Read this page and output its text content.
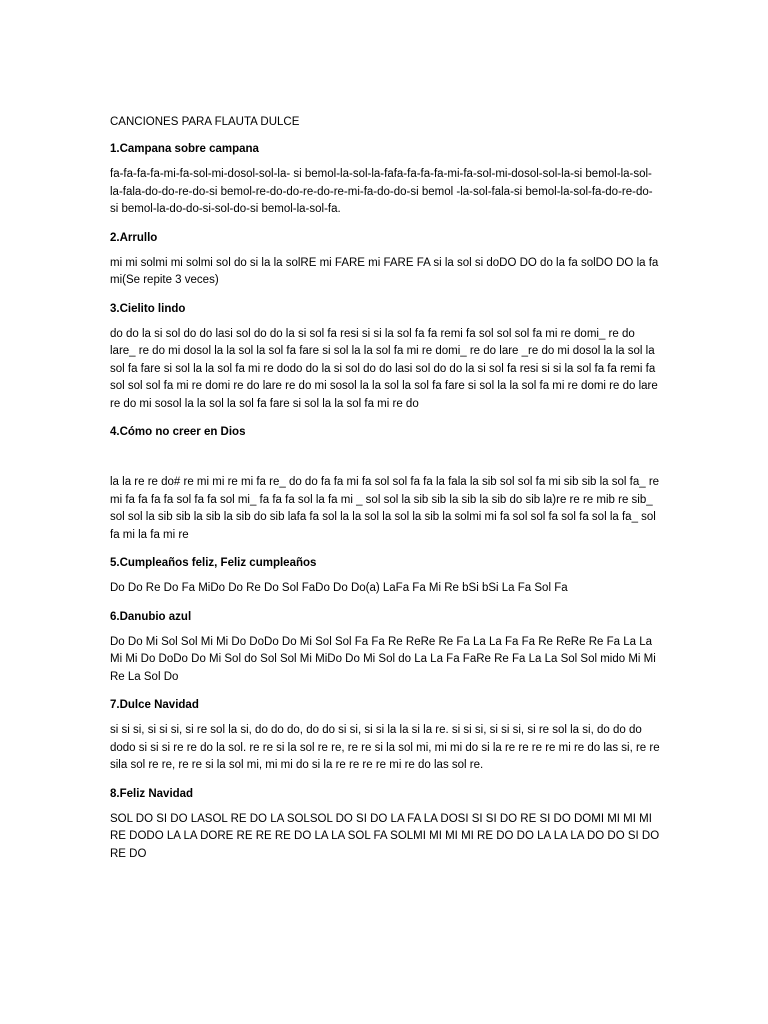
CANCIONES PARA FLAUTA DULCE
1.Campana sobre campana
fa-fa-fa-fa-mi-fa-sol-mi-dosol-sol-la- si bemol-la-sol-la-fafa-fa-fa-fa-mi-fa-sol-mi-dosol-sol-la-si bemol-la-sol-la-fala-do-do-re-do-si bemol-re-do-do-re-do-re-mi-fa-do-do-si bemol -la-sol-fala-si bemol-la-sol-fa-do-re-do-si bemol-la-do-do-si-sol-do-si bemol-la-sol-fa.
2.Arrullo
mi mi solmi mi solmi sol do si la la solRE mi FARE mi FARE FA si la sol si doDO DO do la fa solDO DO la fa mi(Se repite 3 veces)
3.Cielito lindo
do do la si sol do do lasi sol do do la si sol fa resi si si la sol fa fa remi fa sol sol sol fa mi re domi_ re do lare_ re do mi dosol la la sol la sol fa fare si sol la la sol fa mi re domi_ re do lare _re do mi dosol la la sol la sol fa fare si sol la la sol fa mi re dodo do la si sol do do lasi sol do do la si sol fa resi si si la sol fa fa remi fa sol sol sol fa mi re domi re do lare re do mi sosol la la sol la sol fa fare si sol la la sol fa mi re domi re do lare re do mi sosol la la sol la sol fa fare si sol la la sol fa mi re do
4.Cómo no creer en Dios
la la re re do# re mi mi re mi fa re_ do do fa fa mi fa sol sol fa fa la fala la sib sol sol fa mi sib sib la sol fa_ re mi fa fa fa fa sol fa fa sol mi_ fa fa fa sol la fa mi _ sol sol la sib sib la sib la sib do sib la)re re re mib re sib_ sol sol la sib sib la sib la sib do sib lafa fa sol la la sol la sol la sib la solmi mi fa sol sol fa sol fa sol la fa_ sol fa mi la fa mi re
5.Cumpleaños feliz, Feliz cumpleaños
Do Do Re Do Fa MiDo Do Re Do Sol FaDo Do Do(a) LaFa Fa Mi Re bSi bSi La Fa Sol Fa
6.Danubio azul
Do Do Mi Sol Sol Mi Mi Do DoDo Do Mi Sol Sol Fa Fa Re ReRe Re Fa La La Fa Fa Re ReRe Re Fa La La Mi Mi Do DoDo Do Mi Sol do Sol Sol Mi MiDo Do Mi Sol do La La Fa FaRe Re Fa La La Sol Sol mido Mi Mi Re La Sol Do
7.Dulce Navidad
si si si, si si si, si re sol la si, do do do, do do si si, si si la la si la re. si si si, si si si, si re sol la si, do do do dodo si si si re re do la sol. re re si la sol re re, re re si la sol mi, mi mi do si la re re re re mi re do las si, re re sila sol re re, re re si la sol mi, mi mi do si la re re re re mi re do las sol re.
8.Feliz Navidad
SOL DO SI DO LASOL RE DO LA SOLSOL DO SI DO LA FA LA DOSI SI SI DO RE SI DO DOMI MI MI MI RE DODO LA LA DORE RE RE RE DO LA LA SOL FA SOLMI MI MI MI RE DO DO LA LA LA DO DO SI DO RE DO
